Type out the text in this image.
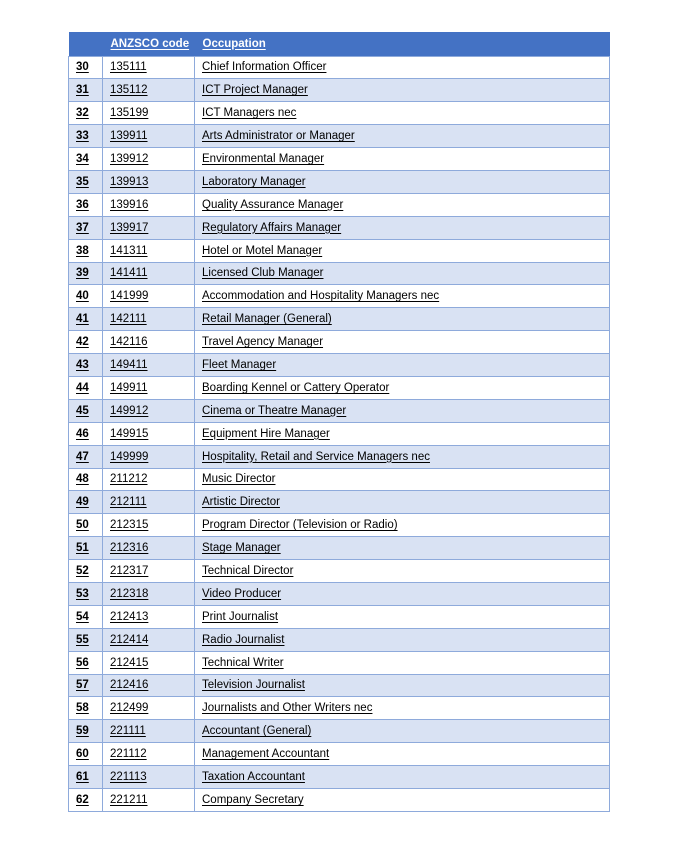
	ANZSCO code	Occupation
30	135111	Chief Information Officer
31	135112	ICT Project Manager
32	135199	ICT Managers nec
33	139911	Arts Administrator or Manager
34	139912	Environmental Manager
35	139913	Laboratory Manager
36	139916	Quality Assurance Manager
37	139917	Regulatory Affairs Manager
38	141311	Hotel or Motel Manager
39	141411	Licensed Club Manager
40	141999	Accommodation and Hospitality Managers nec
41	142111	Retail Manager (General)
42	142116	Travel Agency Manager
43	149411	Fleet Manager
44	149911	Boarding Kennel or Cattery Operator
45	149912	Cinema or Theatre Manager
46	149915	Equipment Hire Manager
47	149999	Hospitality, Retail and Service Managers nec
48	211212	Music Director
49	212111	Artistic Director
50	212315	Program Director (Television or Radio)
51	212316	Stage Manager
52	212317	Technical Director
53	212318	Video Producer
54	212413	Print Journalist
55	212414	Radio Journalist
56	212415	Technical Writer
57	212416	Television Journalist
58	212499	Journalists and Other Writers nec
59	221111	Accountant (General)
60	221112	Management Accountant
61	221113	Taxation Accountant
62	221211	Company Secretary
